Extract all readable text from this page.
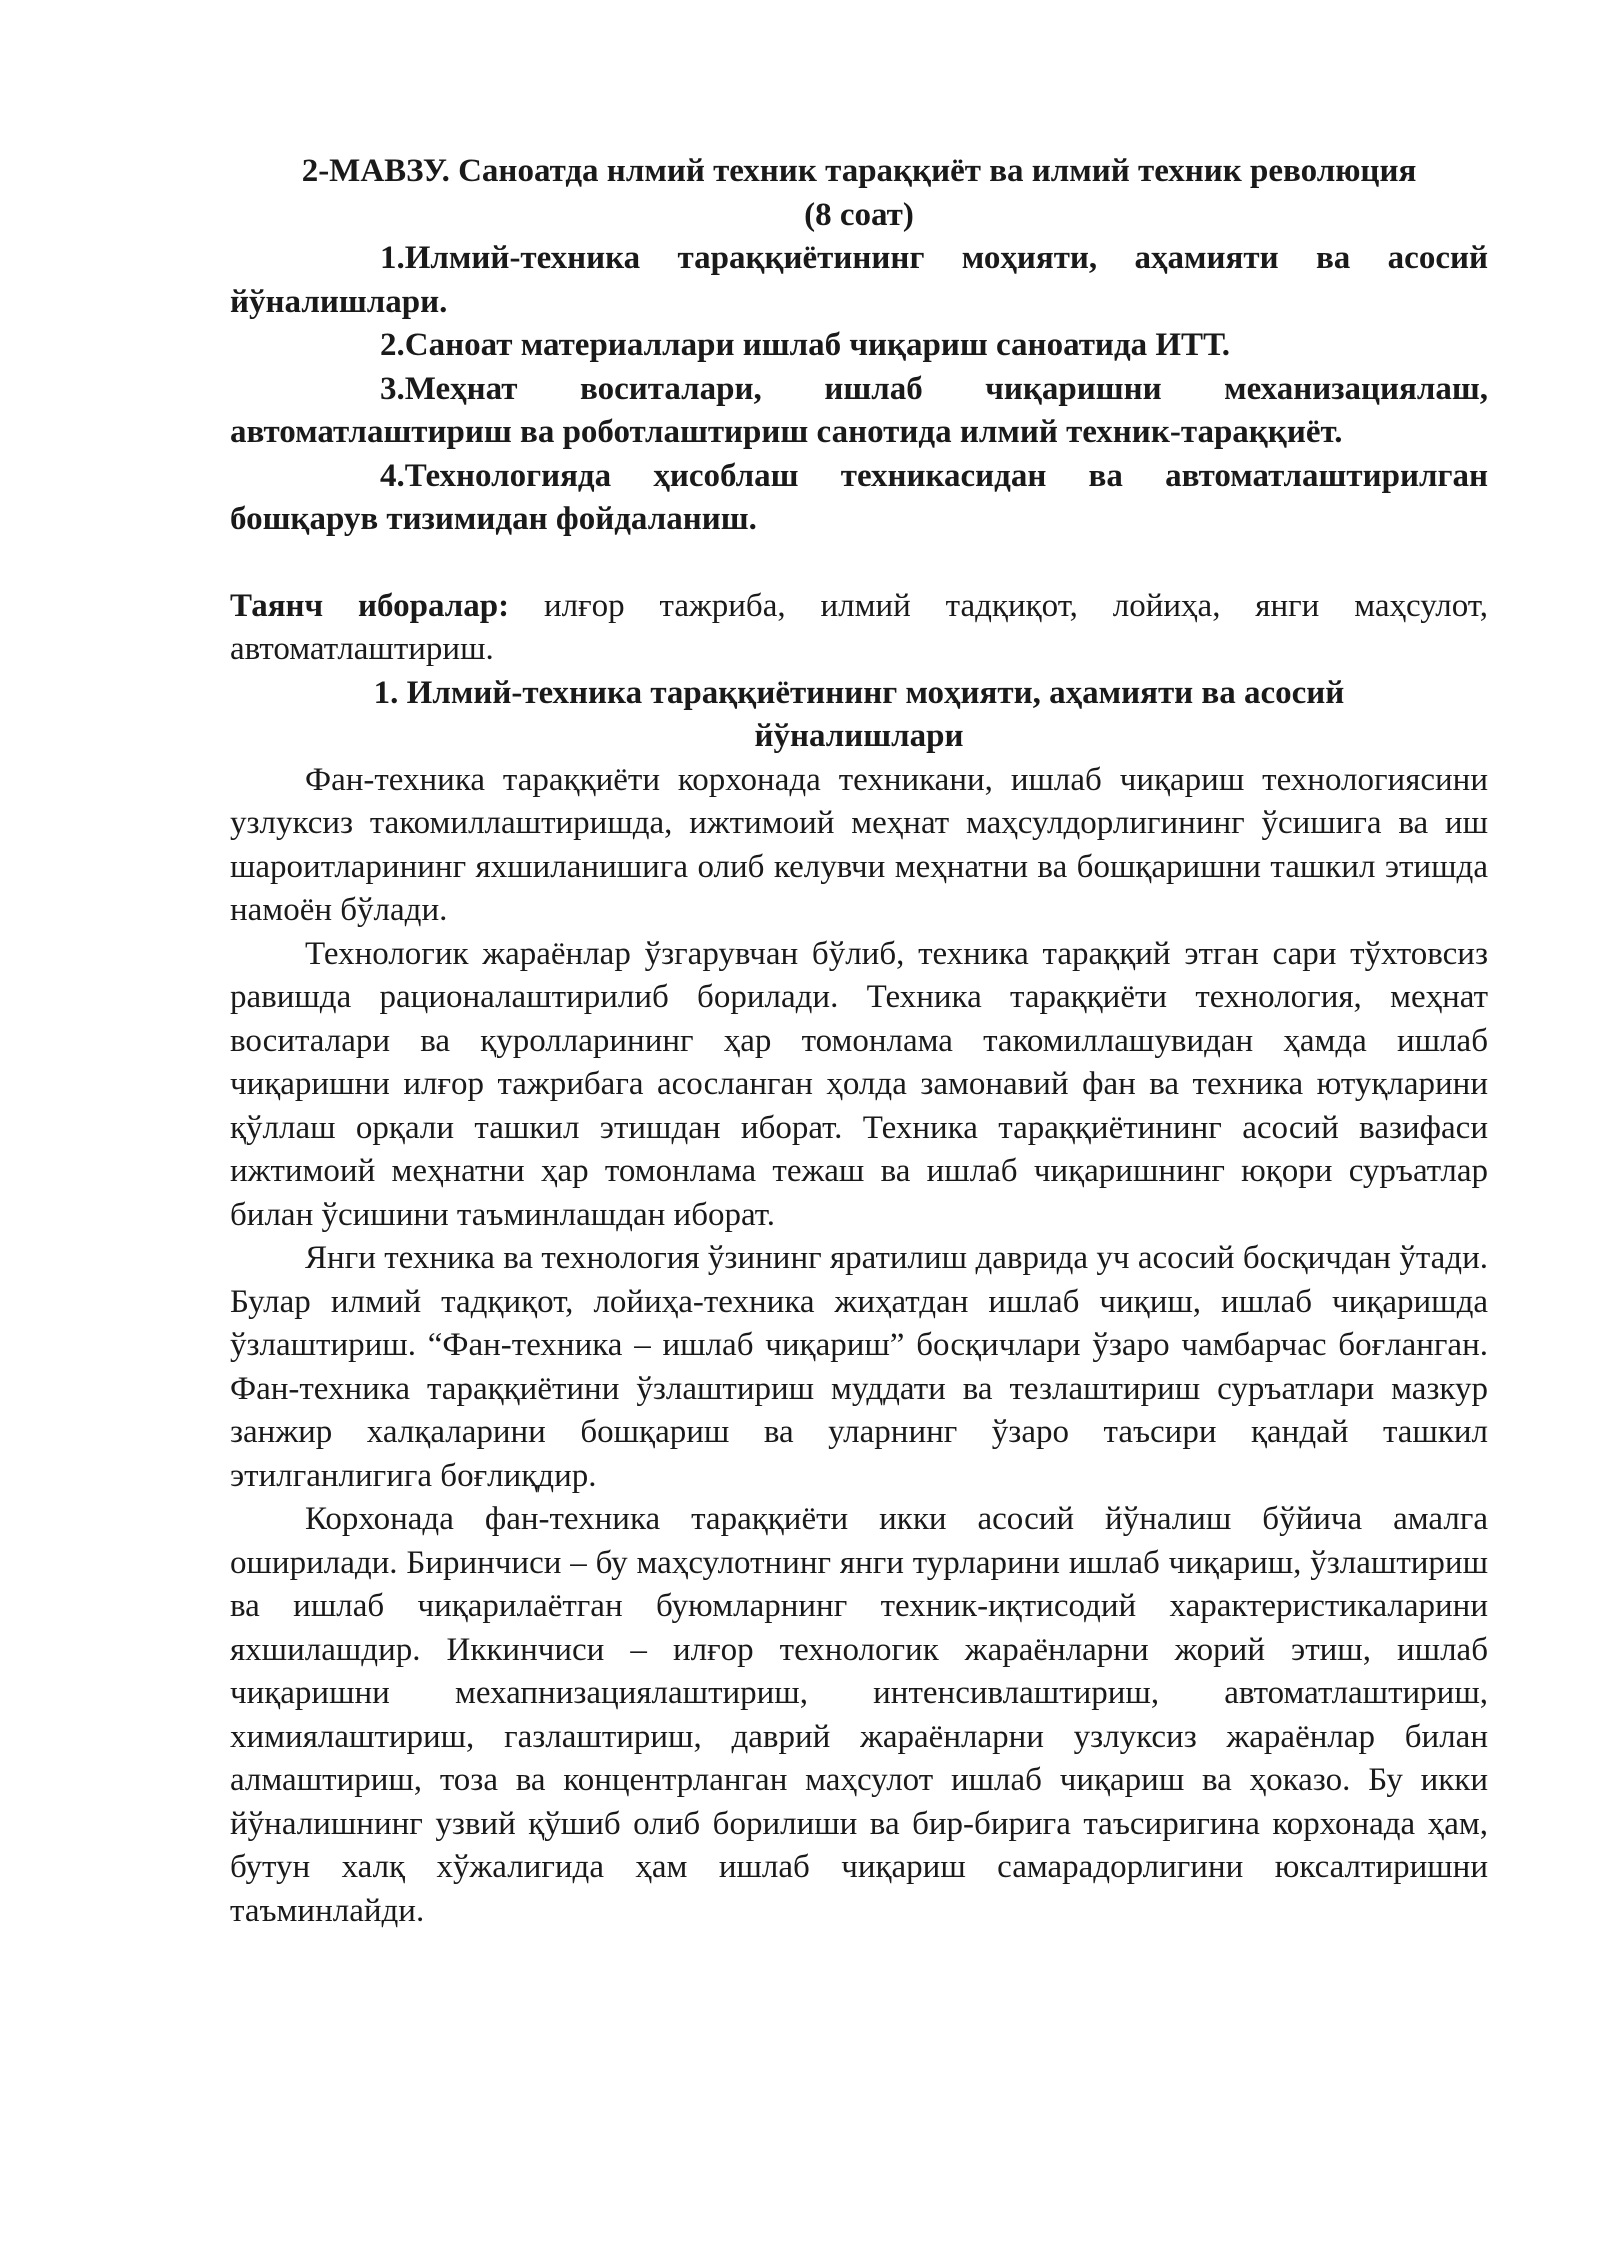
2-МАВЗУ. Саноатда нлмий техник тараққиёт ва илмий техник революция (8 соат)

1.Илмий-техника тараққиётининг моҳияти, аҳамияти ва асосий йўналишлари.
2.Саноат материаллари ишлаб чиқариш саноатида ИТТ.
3.Меҳнат воситалари, ишлаб чиқаришни механизациялаш, автоматлаштириш ва роботлаштириш санотида илмий техник-тараққиёт.
4.Технологияда ҳисоблаш техникасидан ва автоматлаштирилган бошқарув тизимидан фойдаланиш.

Таянч иборалар: илғор тажриба, илмий тадқиқот, лойиҳа, янги маҳсулот, автоматлаштириш.

1. Илмий-техника тараққиётининг моҳияти, аҳамияти ва асосий йўналишлари

Фан-техника тараққиёти корхонада техникани, ишлаб чиқариш технологиясини узлуксиз такомиллаштиришда, ижтимоий меҳнат маҳсулдорлигининг ўсишига ва иш шароитларининг яхшиланишига олиб келувчи меҳнатни ва бошқаришни ташкил этишда намоён бўлади.

Технологик жараёнлар ўзгарувчан бўлиб, техника тараққий этган сари тўхтовсиз равишда рационалаштирилиб борилади. Техника тараққиёти технология, меҳнат воситалари ва қуролларининг ҳар томонлама такомиллашувидан ҳамда ишлаб чиқаришни илғор тажрибага асосланган ҳолда замонавий фан ва техника ютуқларини қўллаш орқали ташкил этишдан иборат. Техника тараққиётининг асосий вазифаси ижтимоий меҳнатни ҳар томонлама тежаш ва ишлаб чиқаришнинг юқори суръатлар билан ўсишини таъминлашдан иборат.

Янги техника ва технология ўзининг яратилиш даврида уч асосий босқичдан ўтади. Булар илмий тадқиқот, лойиҳа-техника жиҳатдан ишлаб чиқиш, ишлаб чиқаришда ўзлаштириш. “Фан-техника – ишлаб чиқариш” босқичлари ўзаро чамбарчас боғланган. Фан-техника тараққиётини ўзлаштириш муддати ва тезлаштириш суръатлари мазкур занжир халқаларини бошқариш ва уларнинг ўзаро таъсири қандай ташкил этилганлигига боғлиқдир.

Корхонада фан-техника тараққиёти икки асосий йўналиш бўйича амалга оширилади. Биринчиси – бу маҳсулотнинг янги турларини ишлаб чиқариш, ўзлаштириш ва ишлаб чиқарилаётган буюмларнинг техник-иқтисодий характеристикаларини яхшилашдир. Иккинчиси – илғор технологик жараёнларни жорий этиш, ишлаб чиқаришни мехапнизациялаштириш, интенсивлаштириш, автоматлаштириш, химиялаштириш, газлаштириш, даврий жараёнларни узлуксиз жараёнлар билан алмаштириш, тоза ва концентрланган маҳсулот ишлаб чиқариш ва ҳоказо. Бу икки йўналишнинг узвий қўшиб олиб борилиши ва бир-бирига таъсиригина корхонада ҳам, бутун халқ хўжалигида ҳам ишлаб чиқариш самарадорлигини юксалтиришни таъминлайди.
